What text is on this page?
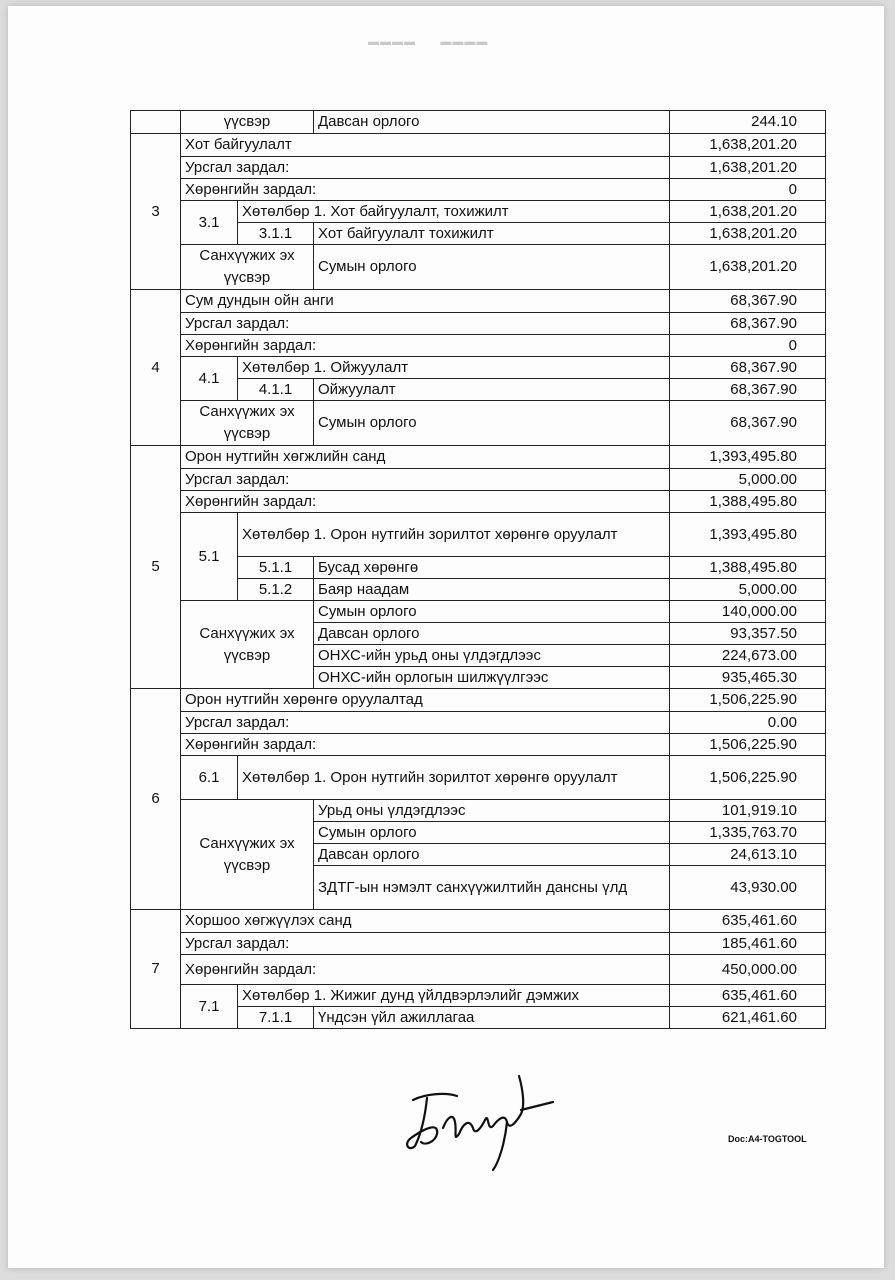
▬▬▬▬      ▬▬▬▬
	үүсвэр		Давсан орлого	244.10
3	Хот байгуулалт			1,638,201.20
	Урсгал зардал:			1,638,201.20
	Хөрөнгийн зардал:			0
	3.1	Хөтөлбөр 1. Хот байгуулалт, тохижилт		1,638,201.20
		3.1.1	Хот байгуулалт тохижилт	1,638,201.20
	Санхүүжих эх үүсвэр		Сумын орлого	1,638,201.20
4	Сум дундын ойн анги			68,367.90
	Урсгал зардал:			68,367.90
	Хөрөнгийн зардал:			0
	4.1	Хөтөлбөр 1. Ойжуулалт		68,367.90
		4.1.1	Ойжуулалт	68,367.90
	Санхүүжих эх үүсвэр		Сумын орлого	68,367.90
5	Орон нутгийн хөгжлийн санд			1,393,495.80
	Урсгал зардал:			5,000.00
	Хөрөнгийн зардал:			1,388,495.80
	5.1	Хөтөлбөр 1. Орон нутгийн зорилтот хөрөнгө оруулалт		1,393,495.80
		5.1.1	Бусад хөрөнгө	1,388,495.80
		5.1.2	Баяр наадам	5,000.00
	Санхүүжих эх үүсвэр		Сумын орлого	140,000.00
			Давсан орлого	93,357.50
			ОНХС-ийн урьд оны үлдэгдлээс	224,673.00
			ОНХС-ийн орлогын шилжүүлгээс	935,465.30
6	Орон нутгийн хөрөнгө оруулалтад			1,506,225.90
	Урсгал зардал:			0.00
	Хөрөнгийн зардал:			1,506,225.90
	6.1	Хөтөлбөр 1. Орон нутгийн зорилтот хөрөнгө оруулалт		1,506,225.90
	Санхүүжих эх үүсвэр		Урьд оны үлдэгдлээс	101,919.10
			Сумын орлого	1,335,763.70
			Давсан орлого	24,613.10
			ЗДТГ-ын нэмэлт санхүүжилтийн дансны үлд	43,930.00
7	Хоршоо хөгжүүлэх санд			635,461.60
	Урсгал зардал:			185,461.60
	Хөрөнгийн зардал:			450,000.00
	7.1	Хөтөлбөр 1. Жижиг дунд үйлдвэрлэлийг дэмжих		635,461.60
		7.1.1	Үндсэн үйл ажиллагаа	621,461.60
Doc:A4-TOGTOOL
